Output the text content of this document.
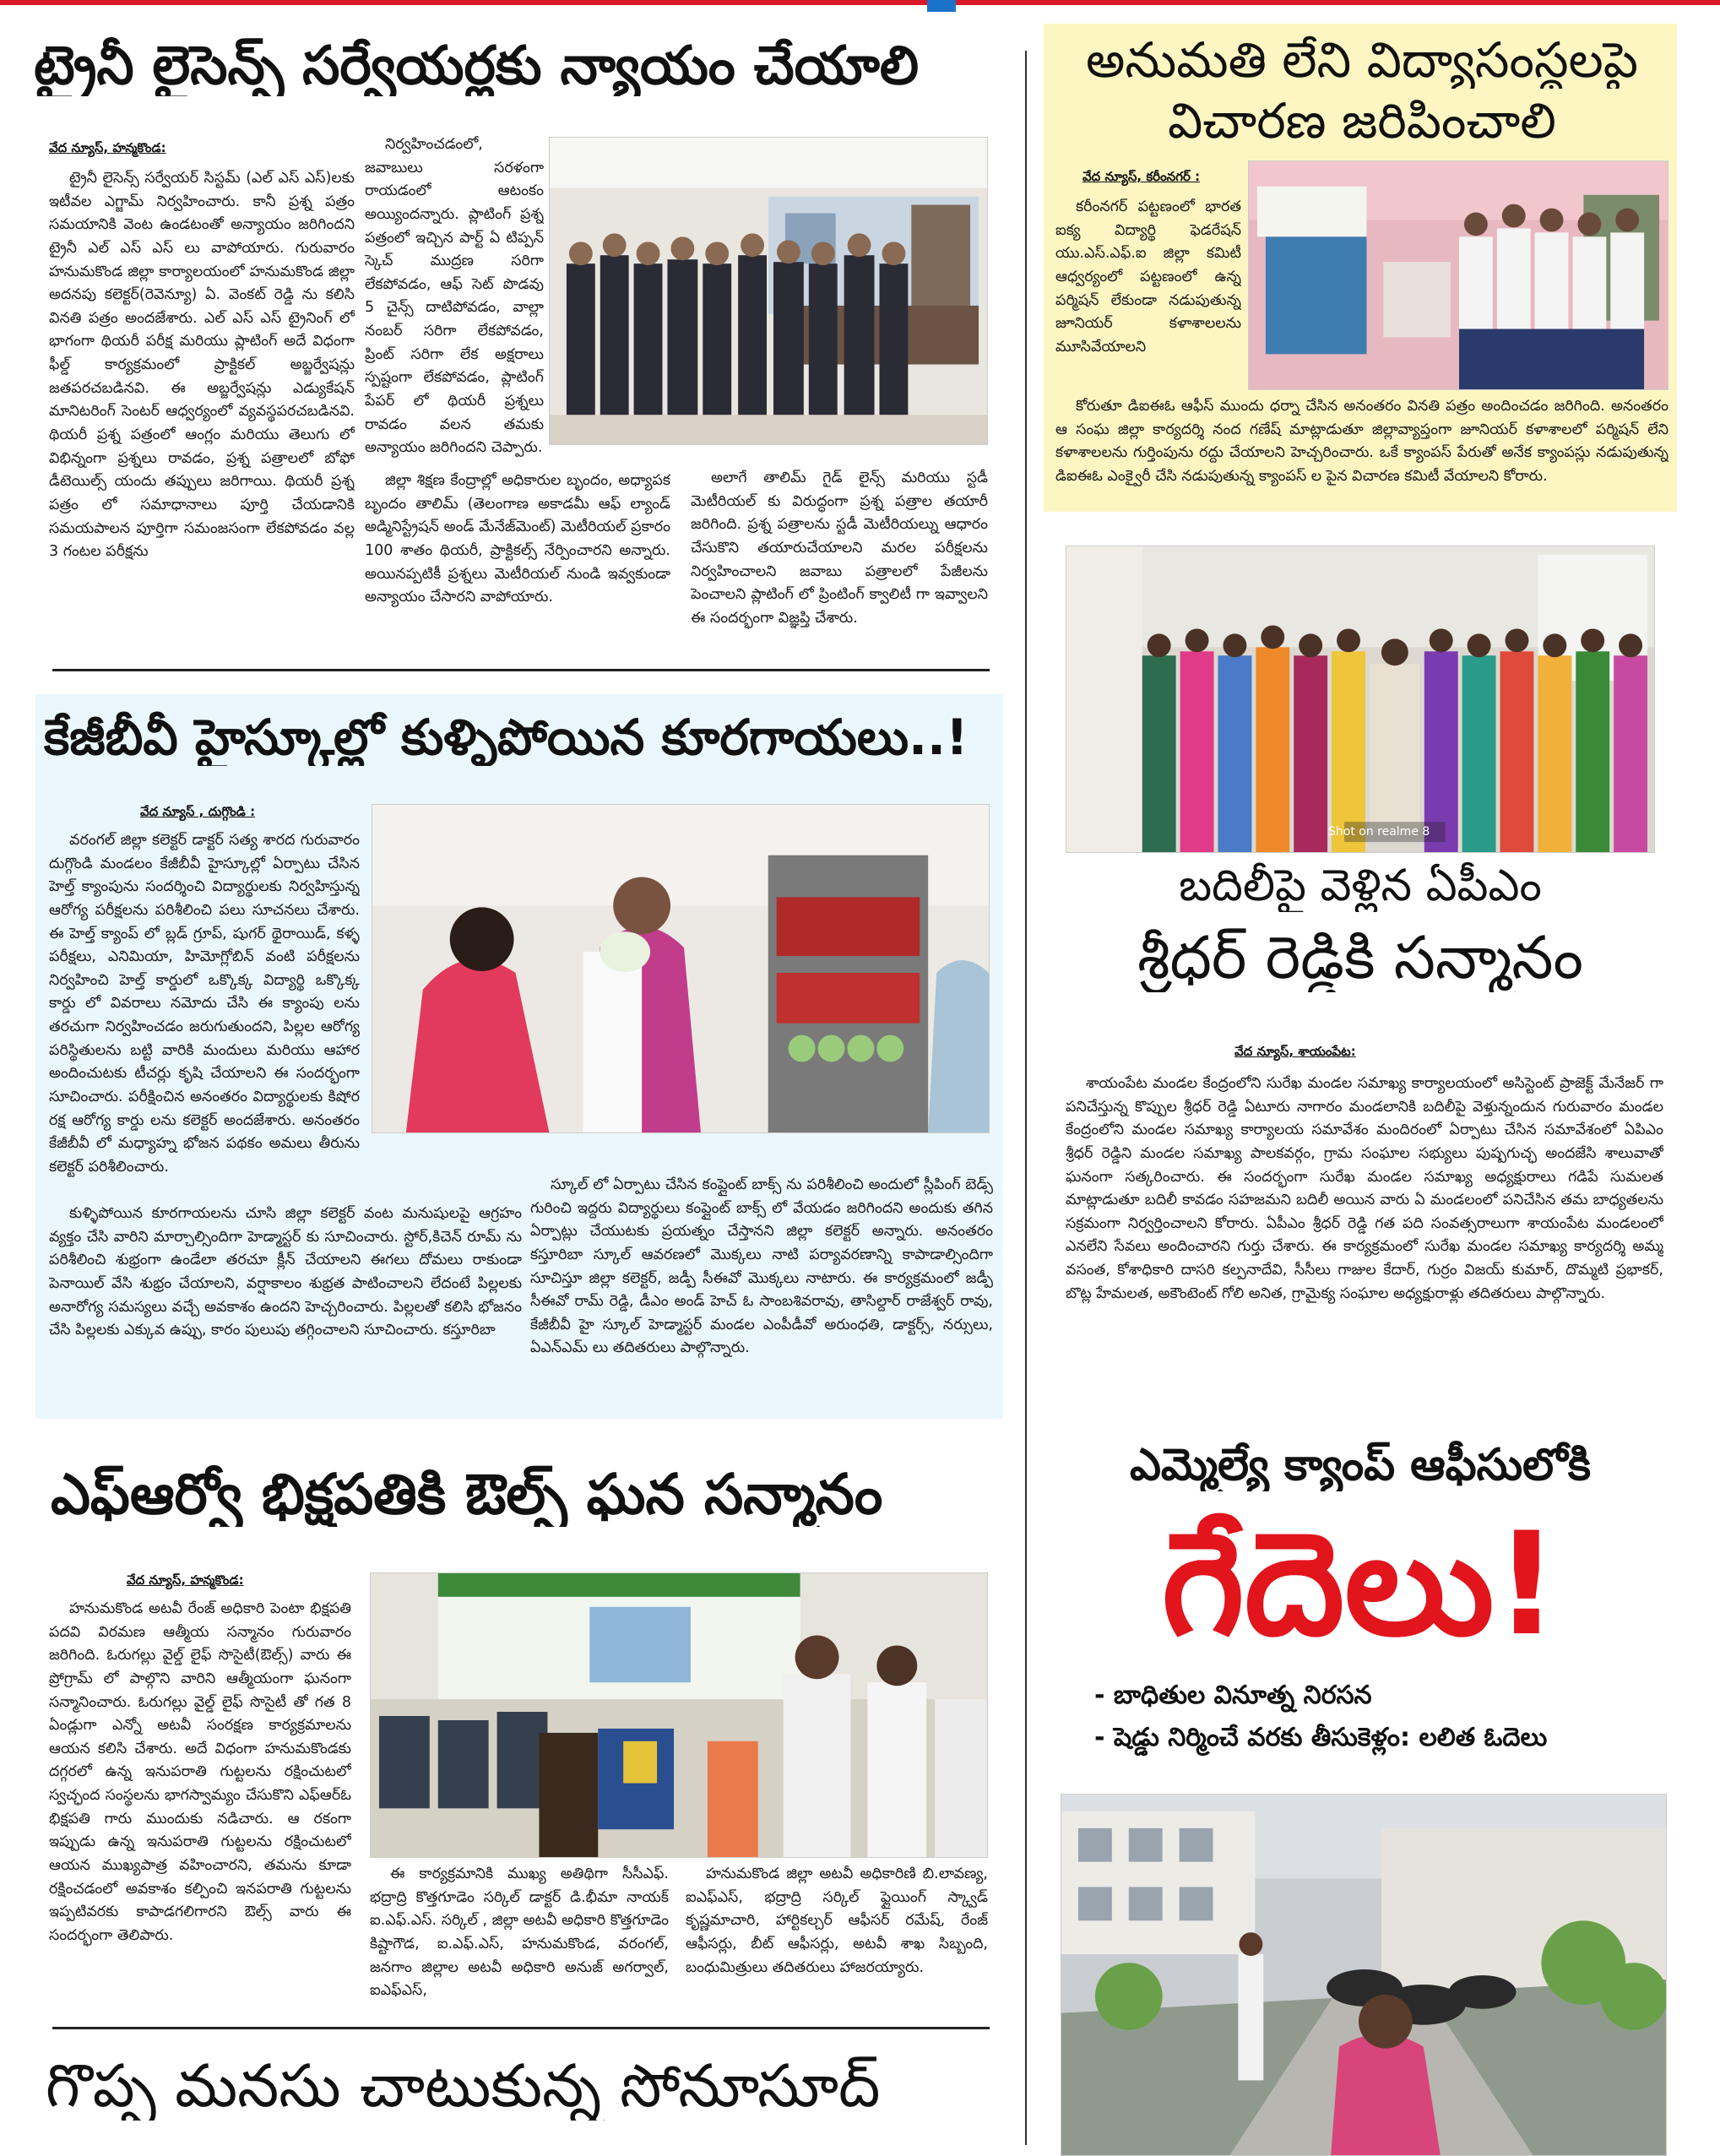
ట్రైనీ లైసెన్స్ సర్వేయర్లకు న్యాయం చేయాలి
వేద న్యూస్, హన్మకొండ:

ట్రైనీ లైసెన్స్ సర్వేయర్ సిస్టమ్ (ఎల్ ఎస్ ఎస్)లకు ఇటీవల ఎగ్జామ్ నిర్వహించారు. కానీ ప్రశ్న పత్రం సమయానికి వెంట ఉండటంతో అన్యాయం జరిగిందని ట్రైనీ ఎల్ ఎస్ ఎస్ లు వాపోయారు. గురువారం హనుమకొండ జిల్లా కార్యాలయంలో హనుమకొండ జిల్లా అదనపు కలెక్టర్(రెవెన్యూ) ఏ. వెంకట్ రెడ్డి ను కలిసి వినతి పత్రం అందజేశారు. ఎల్ ఎస్ ఎస్ ట్రైనింగ్ లో భాగంగా థియరీ పరీక్ష మరియు ప్లాటింగ్ అదే విధంగా ఫీల్డ్ కార్యక్రమంలో ప్రాక్టికల్ అబ్జర్వేషన్లు జతపరచబడినవి. ఈ అబ్జర్వేషన్లు ఎడ్యుకేషన్ మానిటరింగ్ సెంటర్ ఆధ్వర్యంలో వ్యవస్థపరచబడినవి. థియరీ ప్రశ్న పత్రంలో ఆంగ్లం మరియు తెలుగు లో విభిన్నంగా ప్రశ్నలు రావడం, ప్రశ్న పత్రాలలో బోఫో డీటెయిల్స్ యందు తప్పులు జరిగాయి. థియరీ ప్రశ్న పత్రం లో సమాధానాలు పూర్తి చేయడానికి సమయపాలన పూర్తిగా సమంజసంగా లేకపోవడం వల్ల 3 గంటల పరీక్షను

నిర్వహించడంలో, జవాబులు సరళంగా రాయడంలో ఆటంకం అయ్యిందన్నారు. ప్లాటింగ్ ప్రశ్న పత్రంలో ఇచ్చిన పార్ట్ ఏ టిప్పన్ స్కెచ్ ముద్రణ సరిగా లేకపోవడం, ఆఫ్ సెట్ పొడవు 5 చైన్స్ దాటిపోవడం, వాల్లా నంబర్ సరిగా లేకపోవడం, ప్రింట్ సరిగా లేక అక్షరాలు స్పష్టంగా లేకపోవడం, ప్లాటింగ్ పేపర్ లో థియరీ ప్రశ్నలు రావడం వలన తమకు అన్యాయం జరిగిందని చెప్పారు.

జిల్లా శిక్షణ కేంద్రాల్లో అధికారుల బృందం, అధ్యాపక బృందం తాలిమ్ (తెలంగాణ అకాడమీ ఆఫ్ ల్యాండ్ అడ్మినిస్ట్రేషన్ అండ్ మేనేజ్‌మెంట్) మెటీరియల్ ప్రకారం 100 శాతం థియరీ, ప్రాక్టికల్స్ నేర్పించారని అన్నారు. అయినప్పటికీ ప్రశ్నలు మెటీరియల్ నుండి ఇవ్వకుండా అన్యాయం చేసారని వాపోయారు.

అలాగే తాలిమ్ గైడ్ లైన్స్ మరియు స్టడీ మెటీరియల్ కు విరుద్ధంగా ప్రశ్న పత్రాల తయారీ జరిగింది. ప్రశ్న పత్రాలను స్టడీ మెటీరియల్ను ఆధారం చేసుకొని తయారుచేయాలని మరల పరీక్షలను నిర్వహించాలని జవాబు పత్రాలలో పేజీలను పెంచాలని ప్లాటింగ్ లో ప్రింటింగ్ క్వాలిటీ గా ఇవ్వాలని ఈ సందర్భంగా విజ్ఞప్తి చేశారు.

కేజీబీవీ హైస్కూల్లో కుళ్ళిపోయిన కూరగాయలు..!
వేద న్యూస్ , దుగ్గొండి :

వరంగల్ జిల్లా కలెక్టర్ డాక్టర్ సత్య శారద గురువారం దుగ్గొండి మండలం కేజీబీవీ హైస్కూల్లో ఏర్పాటు చేసిన హెల్త్ క్యాంపును సందర్శించి విద్యార్థులకు నిర్వహిస్తున్న ఆరోగ్య పరీక్షలను పరిశీలించి పలు సూచనలు చేశారు. ఈ హెల్త్ క్యాంప్ లో బ్లడ్ గ్రూప్, షుగర్ థైరాయిడ్, కళ్ళ పరీక్షలు, ఎనిమియా, హిమోగ్లోబిన్ వంటి పరీక్షలను నిర్వహించి హెల్త్ కార్డులో ఒక్కొక్క విద్యార్థి ఒక్కొక్క కార్డు లో వివరాలు నమోదు చేసి ఈ క్యాంపు లను తరచుగా నిర్వహించడం జరుగుతుందని, పిల్లల ఆరోగ్య పరిస్థితులను బట్టి వారికి మందులు మరియు ఆహార అందించుటకు టీచర్లు కృషి చేయాలని ఈ సందర్భంగా సూచించారు. పరీక్షించిన అనంతరం విద్యార్థులకు కిషోర రక్ష ఆరోగ్య కార్డు లను కలెక్టర్ అందజేశారు. అనంతరం కేజీబీవీ లో మధ్యాహ్న భోజన పథకం అమలు తీరును కలెక్టర్ పరిశీలించారు.

కుళ్ళిపోయిన కూరగాయలను చూసి జిల్లా కలెక్టర్ వంట మనుషులపై ఆగ్రహం వ్యక్తం చేసి వారిని మార్చాల్సిందిగా హెడ్మాస్టర్ కు సూచించారు. స్టోర్,కిచెన్ రూమ్ ను పరిశీలించి శుభ్రంగా ఉండేలా తరచూ క్లీన్ చేయాలని ఈగలు దోమలు రాకుండా పెనాయిల్ వేసి శుభ్రం చేయాలని, వర్షాకాలం శుభ్రత పాటించాలని లేదంటే పిల్లలకు అనారోగ్య సమస్యలు వచ్చే అవకాశం ఉందని హెచ్చరించారు. పిల్లలతో కలిసి భోజనం చేసి పిల్లలకు ఎక్కువ ఉప్పు, కారం పులుపు తగ్గించాలని సూచించారు. కస్తూరిబా

స్కూల్ లో ఏర్పాటు చేసిన కంప్లైంట్ బాక్స్ ను పరిశీలించి అందులో స్లీపింగ్ బెడ్స్ గురించి ఇద్దరు విద్యార్థులు కంప్లైంట్ బాక్స్ లో వేయడం జరిగిందని అందుకు తగిన ఏర్పాట్లు చేయుటకు ప్రయత్నం చేస్తానని జిల్లా కలెక్టర్ అన్నారు. అనంతరం కస్తూరిబా స్కూల్ ఆవరణలో మొక్కలు నాటి పర్యావరణాన్ని కాపాడాల్సిందిగా సూచిస్తూ జిల్లా కలెక్టర్, జడ్పీ సీఈవో మొక్కలు నాటారు. ఈ కార్యక్రమంలో జడ్పీ సీఈవో రామ్ రెడ్డి, డీఎం అండ్ హెచ్ ఓ సాంబశివరావు, తాసిల్దార్ రాజేశ్వర్ రావు, కేజీబీవీ హై స్కూల్ హెడ్మాస్టర్ మండల ఎంపీడీవో అరుంధతి, డాక్టర్స్, నర్సులు, ఏఎన్ఎమ్ లు తదితరులు పాల్గొన్నారు.

ఎఫ్ఆర్వో భిక్షపతికి ఔల్స్ ఘన సన్మానం
వేద న్యూస్, హన్మకొండ:

హనుమకొండ అటవీ రేంజ్ అధికారి పెంటా భిక్షపతి పదవి విరమణ ఆత్మీయ సన్మానం గురువారం జరిగింది. ఓరుగల్లు వైల్డ్ లైఫ్ సొసైటీ(ఔల్స్) వారు ఈ ప్రోగ్రామ్ లో పాల్గొని వారిని ఆత్మీయంగా ఘనంగా సన్మానించారు. ఓరుగల్లు వైల్డ్ లైఫ్ సొసైటీ తో గత 8 ఏండ్లుగా ఎన్నో అటవీ సంరక్షణ కార్యక్రమాలను ఆయన కలిసి చేశారు. అదే విధంగా హనుమకొండకు దగ్గరలో ఉన్న ఇనుపరాతి గుట్టలను రక్షించుటలో స్వచ్ఛంద సంస్థలను భాగస్వామ్యం చేసుకొని ఎఫ్ఆర్ఓ భిక్షపతి గారు ముందుకు నడిచారు. ఆ రకంగా ఇప్పుడు ఉన్న ఇనుపరాతి గుట్టలను రక్షించుటలో ఆయన ముఖ్యపాత్ర వహించారని, తమను కూడా రక్షించడంలో అవకాశం కల్పించి ఇనపరాతి గుట్టలను ఇప్పటివరకు కాపాడగలిగారని ఔల్స్ వారు ఈ సందర్భంగా తెలిపారు.

ఈ కార్యక్రమానికి ముఖ్య అతిథిగా సీసీఎఫ్. భద్రాద్రి కొత్తగూడెం సర్కిల్ డాక్టర్ డి.భీమా నాయక్ ఐ.ఎఫ్.ఎస్. సర్కిల్ , జిల్లా అటవీ అధికారి కొత్తగూడెం కిష్టాగౌడ, ఐ.ఎఫ్.ఎస్, హనుమకొండ, వరంగల్, జనగాం జిల్లాల అటవీ అధికారి అనుజ్ అగర్వాల్, ఐఎఫ్ఎస్,

హనుమకొండ జిల్లా అటవీ అధికారిణి బి.లావణ్య, ఐఎఫ్ఎస్, భద్రాద్రి సర్కిల్ ఫ్లైయింగ్ స్క్వాడ్ కృష్ణమాచారి, హార్టికల్చర్ ఆఫీసర్ రమేష్, రేంజ్ ఆఫీసర్లు, బీట్ ఆఫీసర్లు, అటవీ శాఖ సిబ్బంది, బంధుమిత్రులు తదితరులు హాజరయ్యారు.

గొప్ప మనసు చాటుకున్న సోనూసూద్
అనుమతి లేని విద్యాసంస్థలపై
విచారణ జరిపించాలి
వేద న్యూస్, కరీంనగర్ :

కరీంనగర్ పట్టణంలో భారత ఐక్య విద్యార్థి ఫెడరేషన్ యు.ఎస్.ఎఫ్.ఐ జిల్లా కమిటీ ఆధ్వర్యంలో పట్టణంలో ఉన్న పర్మిషన్ లేకుండా నడుపుతున్న జూనియర్ కళాశాలలను మూసివేయాలని

కోరుతూ డిఐఈఓ ఆఫీస్ ముందు ధర్నా చేసిన అనంతరం వినతి పత్రం అందించడం జరిగింది. అనంతరం ఆ సంఘ జిల్లా కార్యదర్శి నంద గణేష్ మాట్లాడుతూ జిల్లావ్యాప్తంగా జూనియర్ కళాశాలలో పర్మిషన్ లేని కళాశాలలను గుర్తింపును రద్దు చేయాలని హెచ్చరించారు. ఒకే క్యాంపస్ పేరుతో అనేక క్యాంపస్లు నడుపుతున్న డిఐఈఓ ఎంక్వైరీ చేసి నడుపుతున్న క్యాంపస్ ల పైన విచారణ కమిటీ వేయాలని కోరారు.

Shot on realme 8
బదిలీపై వెళ్లిన ఏపీఎం
శ్రీధర్ రెడ్డికి సన్మానం
వేద న్యూస్, శాయంపేట:

శాయంపేట మండల కేంద్రంలోని సురేఖ మండల సమాఖ్య కార్యాలయంలో అసిస్టెంట్ ప్రాజెక్ట్ మేనేజర్ గా పనిచేస్తున్న కొప్పుల శ్రీధర్ రెడ్డి ఏటూరు నాగారం మండలానికి బదిలీపై వెళ్తున్నందున గురువారం మండల కేంద్రంలోని మండల సమాఖ్య కార్యాలయ సమావేశం మందిరంలో ఏర్పాటు చేసిన సమావేశంలో ఏపిఎం శ్రీధర్ రెడ్డిని మండల సమాఖ్య పాలకవర్గం, గ్రామ సంఘాల సభ్యులు పుష్పగుచ్ఛ అందజేసి శాలువాతో ఘనంగా సత్కరించారు. ఈ సందర్భంగా సురేఖ మండల సమాఖ్య అధ్యక్షురాలు గడిపే సుమలత మాట్లాడుతూ బదిలీ కావడం సహజమని బదిలీ అయిన వారు ఏ మండలంలో పనిచేసిన తమ బాధ్యతలను సక్రమంగా నిర్వర్తించాలని కోరారు. ఏపీఎం శ్రీధర్ రెడ్డి గత పది సంవత్సరాలుగా శాయంపేట మండలంలో ఎనలేని సేవలు అందించారని గుర్తు చేశారు. ఈ కార్యక్రమంలో సురేఖ మండల సమాఖ్య కార్యదర్శి అమ్మ వసంత, కోశాధికారి దాసరి కల్పనాదేవి, సీసీలు గాజుల కేదార్, గుర్రం విజయ్ కుమార్, దొమ్మటి ప్రభాకర్, బొట్ల హేమలత, అకౌంటెంట్ గోలి అనిత, గ్రామైక్య సంఘాల అధ్యక్షురాళ్లు తదితరులు పాల్గొన్నారు.

ఎమ్మెల్యే క్యాంప్ ఆఫీసులోకి
గేదెలు!
- బాధితుల వినూత్న నిరసన
- షెడ్డు నిర్మించే వరకు తీసుకెళ్లం: లలిత ఓదెలు
